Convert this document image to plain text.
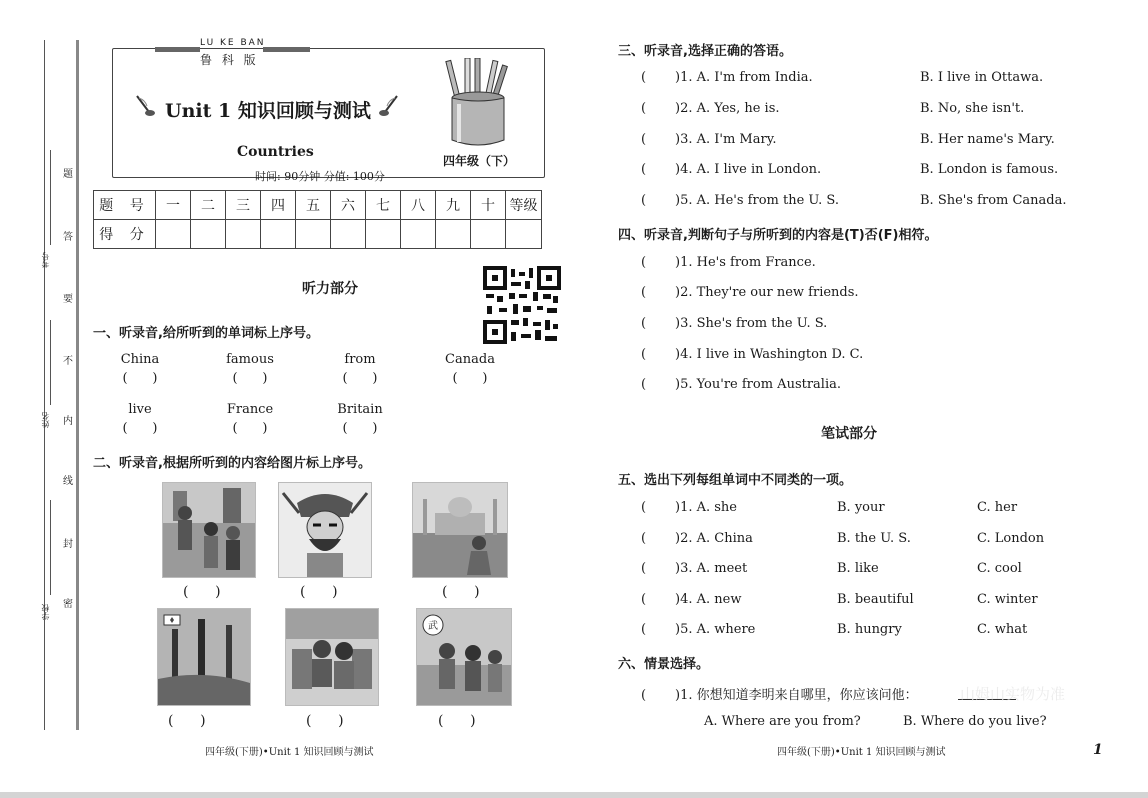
题
答
要
不
内
线
封
密
考号
姓名
学校
LU KE BAN
鲁 科 版
Unit 1 知识回顾与测试
Countries
时间: 90分钟 分值: 100分
四年级（下）
题 号	一	二	三	四	五	六	七	八	九	十	等级
得 分											
听力部分
一、听录音,给所听到的单词标上序号。
China	famous	from	Canada
(      )	(      )	(      )	(      )
live	France	Britain
(      )	(      )	(      )
二、听录音,根据所听到的内容给图片标上序号。
武
(      )	(      )	(      )
(      )	(      )	(      )
四年级(下册)•Unit 1 知识回顾与测试
三、听录音,选择正确的答语。
(       )1. A. I'm from India.	B. I live in Ottawa.
(       )2. A. Yes, he is.	B. No, she isn't.
(       )3. A. I'm Mary.	B. Her name's Mary.
(       )4. A. I live in London.	B. London is famous.
(       )5. A. He's from the U. S.	B. She's from Canada.
四、听录音,判断句子与所听到的内容是(T)否(F)相符。
(       )1. He's from France.
(       )2. They're our new friends.
(       )3. She's from the U. S.
(       )4. I live in Washington D. C.
(       )5. You're from Australia.
笔试部分
五、选出下列每组单词中不同类的一项。
(       )1. A. she	B. your	C. her
(       )2. A. China	B. the U. S.	C. London
(       )3. A. meet	B. like	C. cool
(       )4. A. new	B. beautiful	C. winter
(       )5. A. where	B. hungry	C. what
六、情景选择。
(       )1. 你想知道李明来自哪里，你应该问他：	山姆山实物为准
A. Where are you from?	B. Where do you live?
四年级(下册)•Unit 1 知识回顾与测试	1
